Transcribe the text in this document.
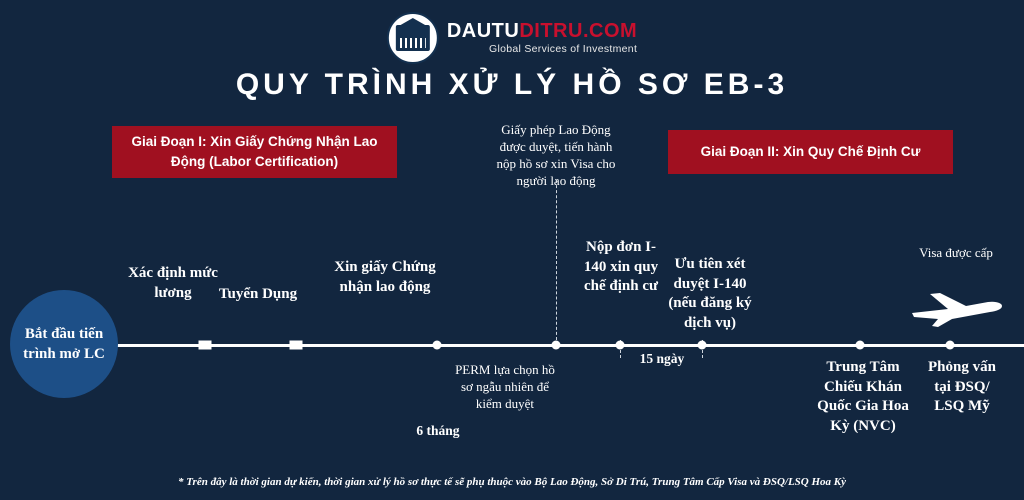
DAUTUDITRU.COM
Global Services of Investment
QUY TRÌNH XỬ LÝ HỒ SƠ EB-3
Giai Đoạn I: Xin Giấy Chứng Nhận Lao Động (Labor Certification)
Giai Đoạn II: Xin Quy Chế Định Cư
Bắt đầu tiến trình mở LC
Xác định mức lương	Tuyển Dụng
Xin giấy Chứng nhận lao động
Giấy phép Lao Động được duyệt, tiến hành nộp hồ sơ xin Visa cho người lao động
Nộp đơn I-140 xin quy chế định cư
Ưu tiên xét duyệt I-140 (nếu đăng ký dịch vụ)
Visa được cấp
PERM lựa chọn hồ sơ ngẫu nhiên để kiểm duyệt
Trung Tâm Chiếu Khán Quốc Gia Hoa Kỳ (NVC)
Phỏng vấn tại ĐSQ/ LSQ Mỹ
6 tháng
15 ngày
* Trên đây là thời gian dự kiến, thời gian xử lý hồ sơ thực tế sẽ phụ thuộc vào Bộ Lao Động, Sở Di Trú, Trung Tâm Cấp Visa và ĐSQ/LSQ Hoa Kỳ
